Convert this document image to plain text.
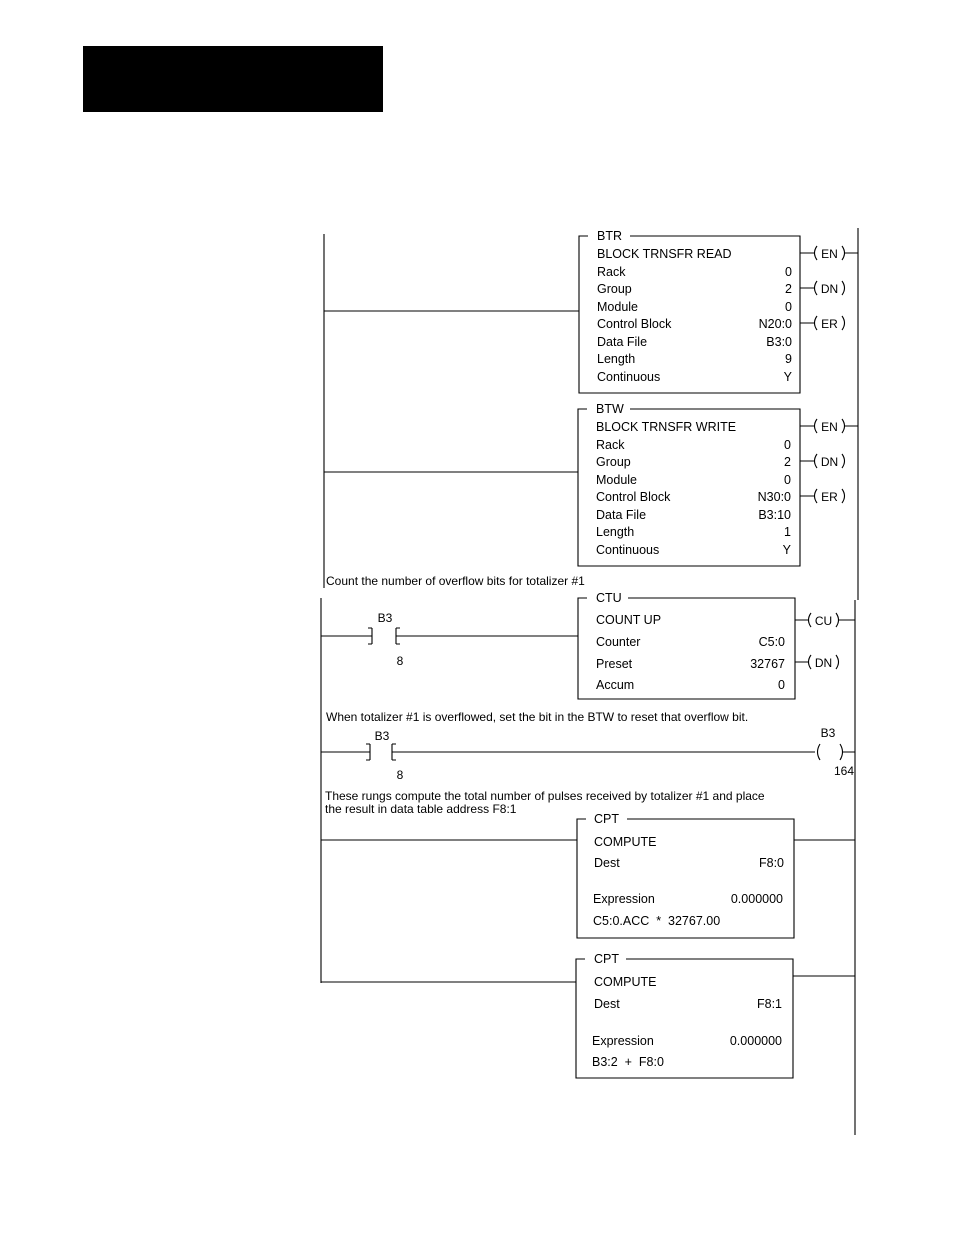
BTR
BLOCK TRNSFR READ
Rack	0
Group	2
Module	0
Control Block	N20:0
Data File	B3:0
Length	9
Continuous	Y
EN
DN
ER
BTW
BLOCK TRNSFR WRITE
Rack	0
Group	2
Module	0
Control Block	N30:0
Data File	B3:10
Length	1
Continuous	Y
EN
DN
ER
Count the number of overflow bits for totalizer #1
B3
8
CTU
COUNT UP
Counter	C5:0
Preset	32767
Accum	0
CU
DN
When totalizer #1 is overflowed, set the bit in the BTW to reset that overflow bit.
B3
8
B3
164
These rungs compute the total number of pulses received by totalizer #1 and place
the result in data table address F8:1
CPT
COMPUTE
Dest	F8:0
Expression	0.000000
C5:0.ACC  *  32767.00
CPT
COMPUTE
Dest	F8:1
Expression	0.000000
B3:2  +  F8:0
